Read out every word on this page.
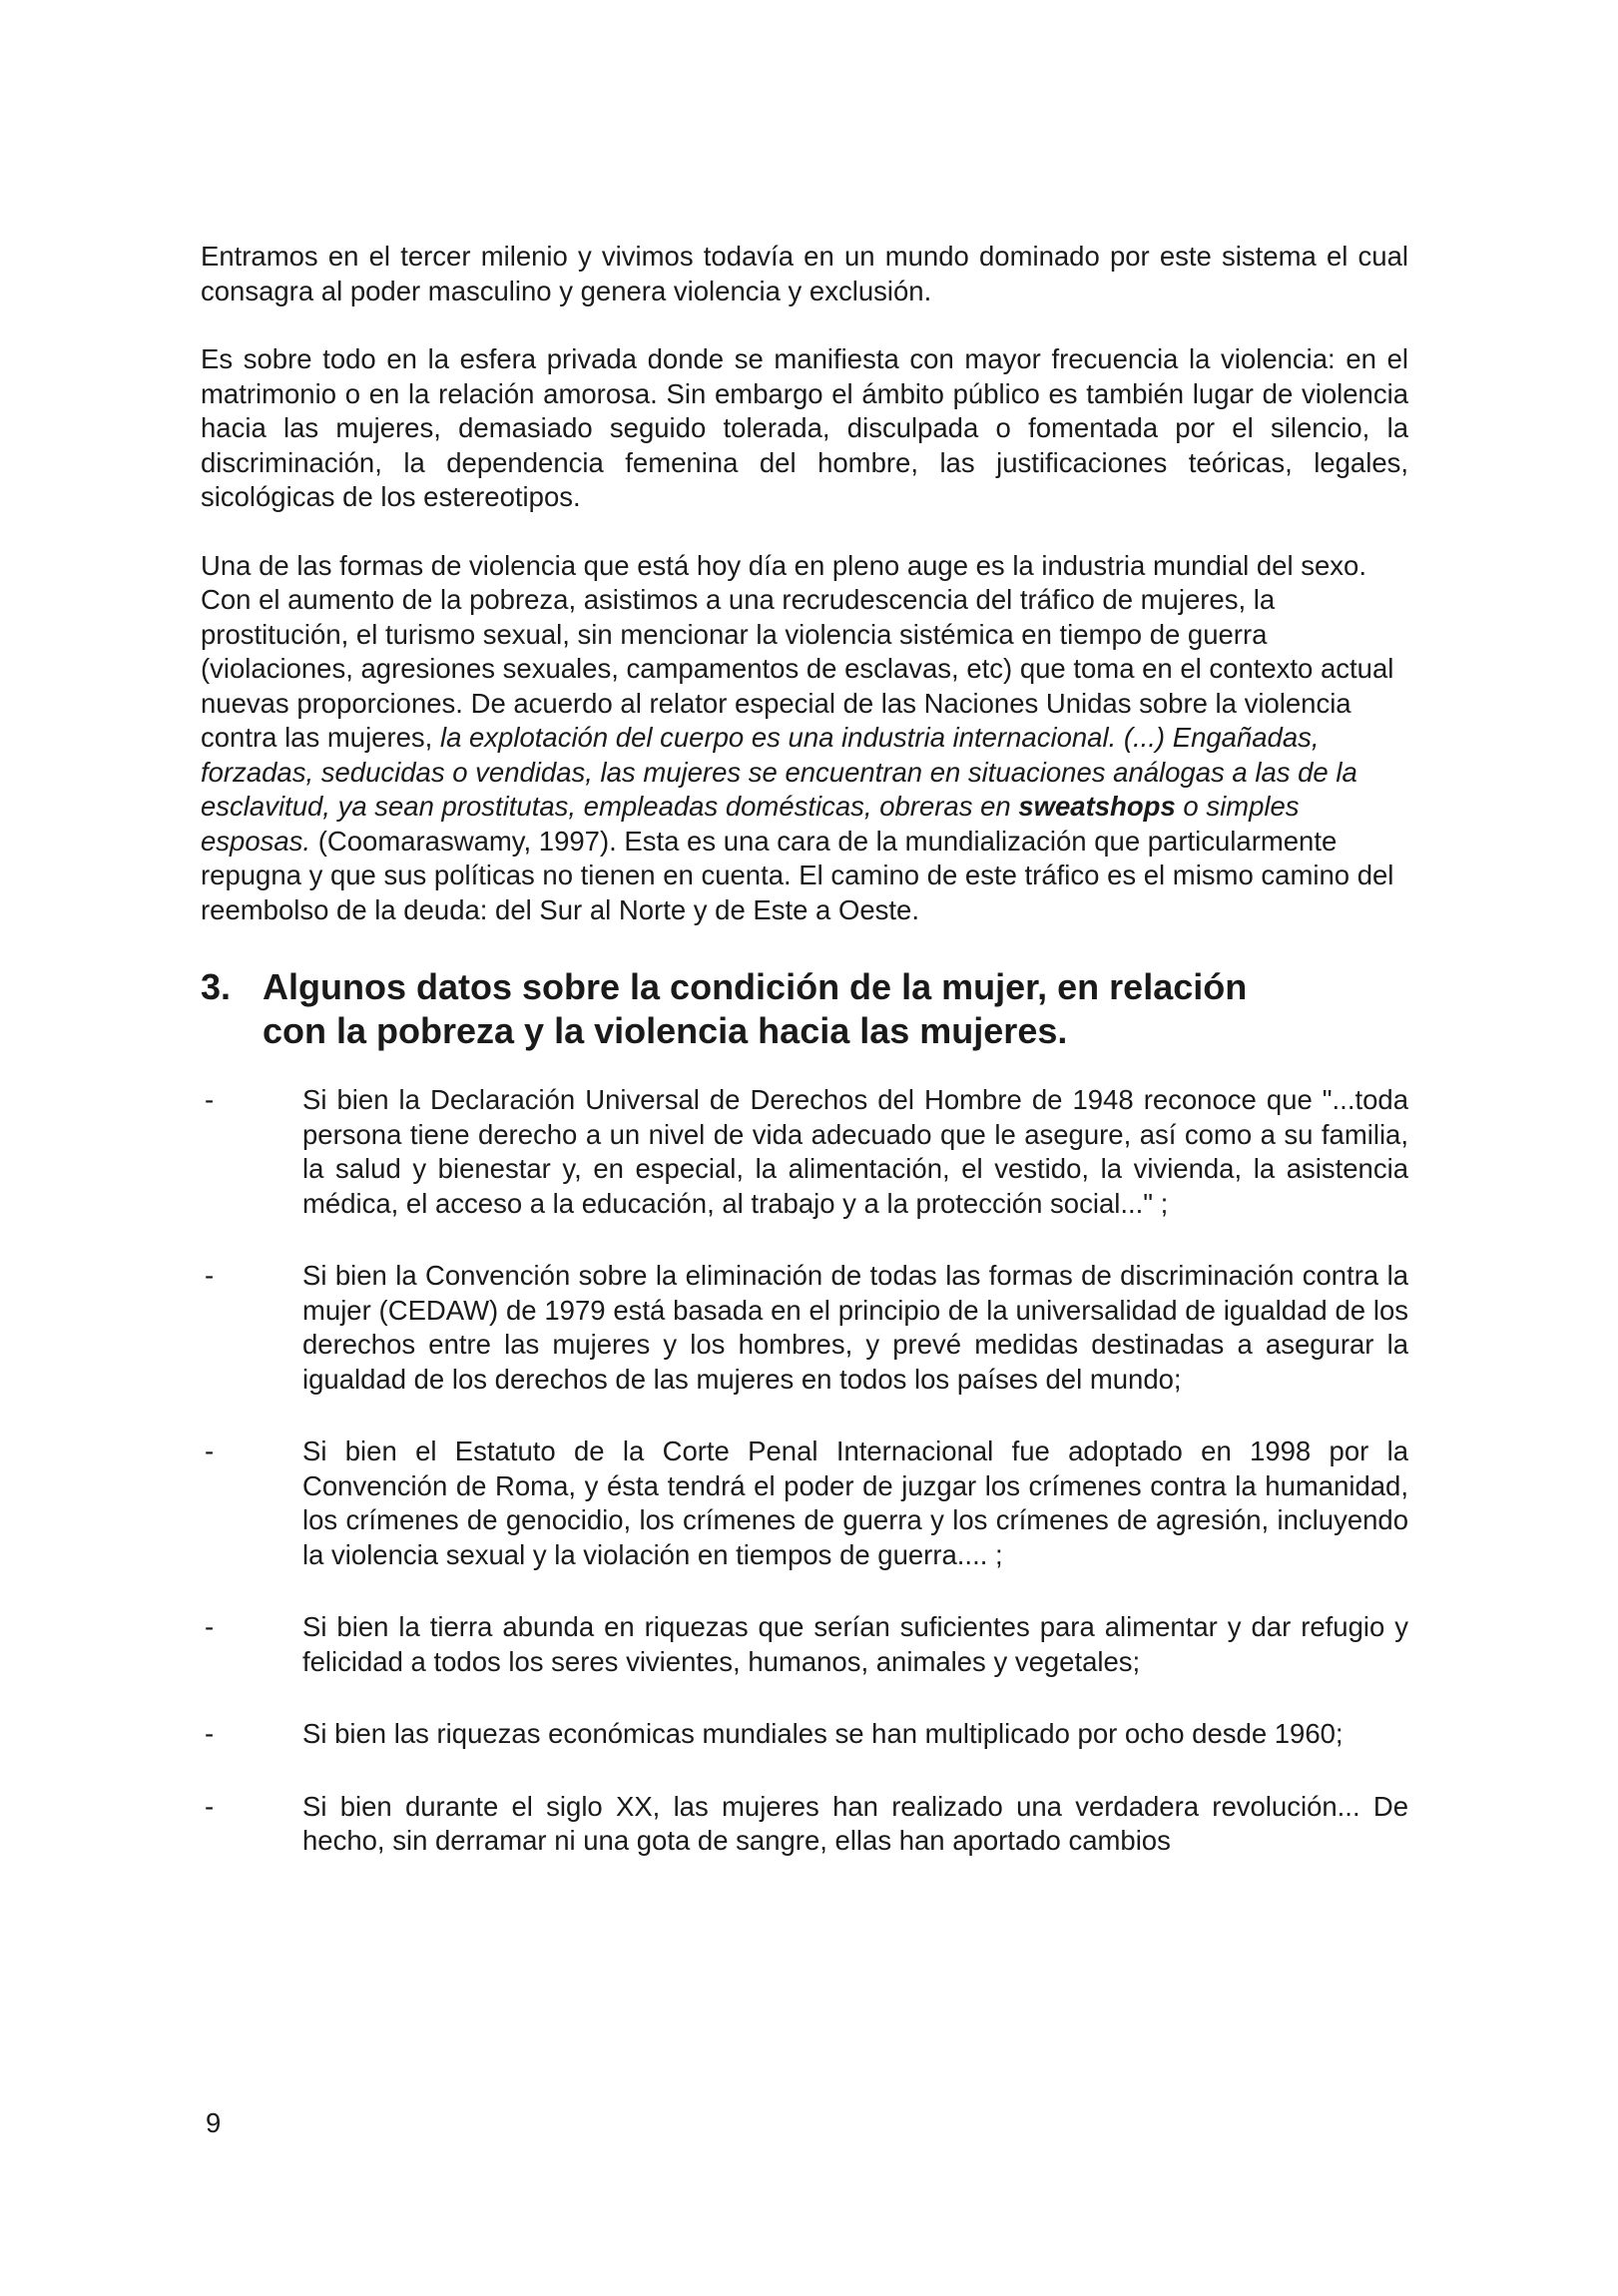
Entramos en el tercer milenio y vivimos todavía en un mundo dominado por este sistema el cual consagra al poder masculino y genera violencia y exclusión.

Es sobre todo en la esfera privada donde se manifiesta con mayor frecuencia la violencia: en el matrimonio o en la relación amorosa. Sin embargo el ámbito público es también lugar de violencia hacia las mujeres, demasiado seguido tolerada, disculpada o fomentada por el silencio, la discriminación, la dependencia femenina del hombre, las justificaciones teóricas, legales, sicológicas de los estereotipos.

Una de las formas de violencia que está hoy día en pleno auge es la industria mundial del sexo. Con el aumento de la pobreza, asistimos a una recrudescencia del tráfico de mujeres, la prostitución, el turismo sexual, sin mencionar la violencia sistémica en tiempo de guerra (violaciones, agresiones sexuales, campamentos de esclavas, etc) que toma en el contexto actual nuevas proporciones. De acuerdo al relator especial de las Naciones Unidas sobre la violencia contra las mujeres, la explotación del cuerpo es una industria internacional. (...) Engañadas, forzadas, seducidas o vendidas, las mujeres se encuentran en situaciones análogas a las de la esclavitud, ya sean prostitutas, empleadas domésticas, obreras en sweatshops o simples esposas. (Coomaraswamy, 1997). Esta es una cara de la mundialización que particularmente repugna y que sus políticas no tienen en cuenta. El camino de este tráfico es el mismo camino del reembolso de la deuda: del Sur al Norte y de Este a Oeste.

3. Algunos datos sobre la condición de la mujer, en relación con la pobreza y la violencia hacia las mujeres.
-	Si bien la Declaración Universal de Derechos del Hombre de 1948 reconoce que "...toda persona tiene derecho a un nivel de vida adecuado que le asegure, así como a su familia, la salud y bienestar y, en especial, la alimentación, el vestido, la vivienda, la asistencia médica, el acceso a la educación, al trabajo y a la protección social..." ;
-	Si bien la Convención sobre la eliminación de todas las formas de discriminación contra la mujer (CEDAW) de 1979 está basada en el principio de la universalidad de igualdad de los derechos entre las mujeres y los hombres, y prevé medidas destinadas a asegurar la igualdad de los derechos de las mujeres en todos los países del mundo;
-	Si bien el Estatuto de la Corte Penal Internacional fue adoptado en 1998 por la Convención de Roma, y ésta tendrá el poder de juzgar los crímenes contra la humanidad, los crímenes de genocidio, los crímenes de guerra y los crímenes de agresión, incluyendo la violencia sexual y la violación en tiempos de guerra.... ;
-	Si bien la tierra abunda en riquezas que serían suficientes para alimentar y dar refugio y felicidad a todos los seres vivientes, humanos, animales y vegetales;
-	Si bien las riquezas económicas mundiales se han multiplicado por ocho desde 1960;
-	Si bien durante el siglo XX, las mujeres han realizado una verdadera revolución... De hecho, sin derramar ni una gota de sangre, ellas han aportado cambios
9
